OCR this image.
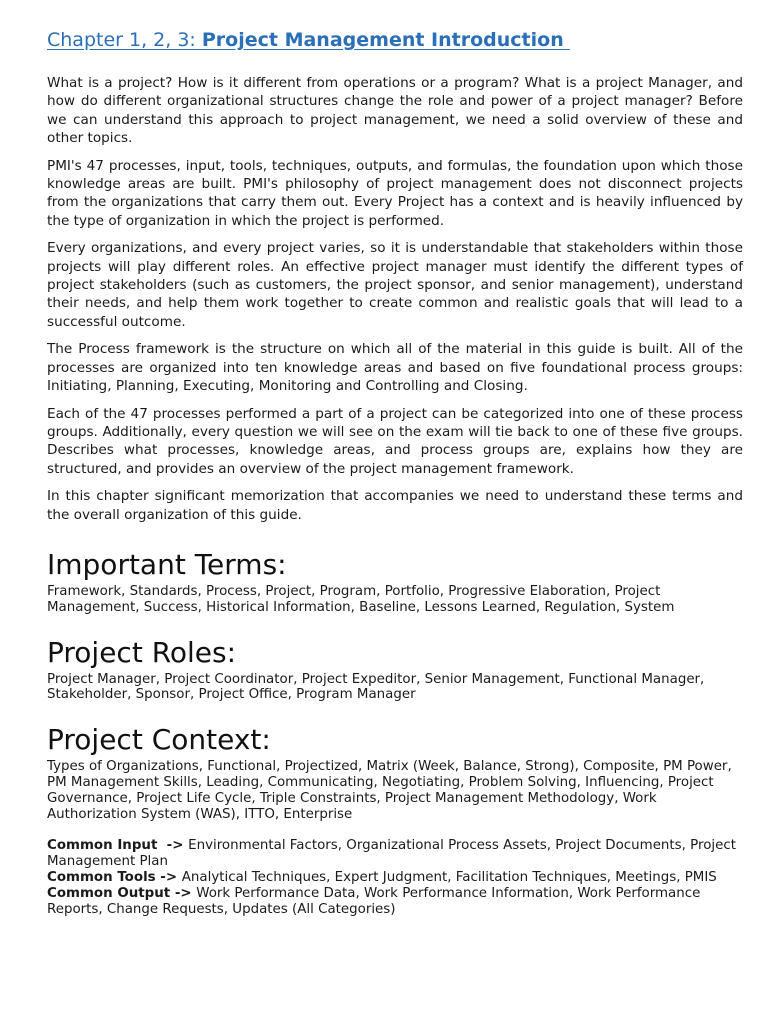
Chapter 1, 2, 3: Project Management Introduction

What is a project? How is it different from operations or a program? What is a project Manager, and how do different organizational structures change the role and power of a project manager? Before we can understand this approach to project management, we need a solid overview of these and other topics.

PMI's 47 processes, input, tools, techniques, outputs, and formulas, the foundation upon which those knowledge areas are built. PMI's philosophy of project management does not disconnect projects from the organizations that carry them out. Every Project has a context and is heavily influenced by the type of organization in which the project is performed.

Every organizations, and every project varies, so it is understandable that stakeholders within those projects will play different roles. An effective project manager must identify the different types of project stakeholders (such as customers, the project sponsor, and senior management), understand their needs, and help them work together to create common and realistic goals that will lead to a successful outcome.

The Process framework is the structure on which all of the material in this guide is built. All of the processes are organized into ten knowledge areas and based on five foundational process groups: Initiating, Planning, Executing, Monitoring and Controlling and Closing.

Each of the 47 processes performed a part of a project can be categorized into one of these process groups. Additionally, every question we will see on the exam will tie back to one of these five groups. Describes what processes, knowledge areas, and process groups are, explains how they are structured, and provides an overview of the project management framework.

In this chapter significant memorization that accompanies we need to understand these terms and the overall organization of this guide.

Important Terms:

Framework, Standards, Process, Project, Program, Portfolio, Progressive Elaboration, Project Management, Success, Historical Information, Baseline, Lessons Learned, Regulation, System

Project Roles:

Project Manager, Project Coordinator, Project Expeditor, Senior Management, Functional Manager, Stakeholder, Sponsor, Project Office, Program Manager

Project Context:

Types of Organizations, Functional, Projectized, Matrix (Week, Balance, Strong), Composite, PM Power, PM Management Skills, Leading, Communicating, Negotiating, Problem Solving, Influencing, Project Governance, Project Life Cycle, Triple Constraints, Project Management Methodology, Work Authorization System (WAS), ITTO, Enterprise

Common Input  -> Environmental Factors, Organizational Process Assets, Project Documents, Project Management Plan

Common Tools -> Analytical Techniques, Expert Judgment, Facilitation Techniques, Meetings, PMIS

Common Output -> Work Performance Data, Work Performance Information, Work Performance Reports, Change Requests, Updates (All Categories)
